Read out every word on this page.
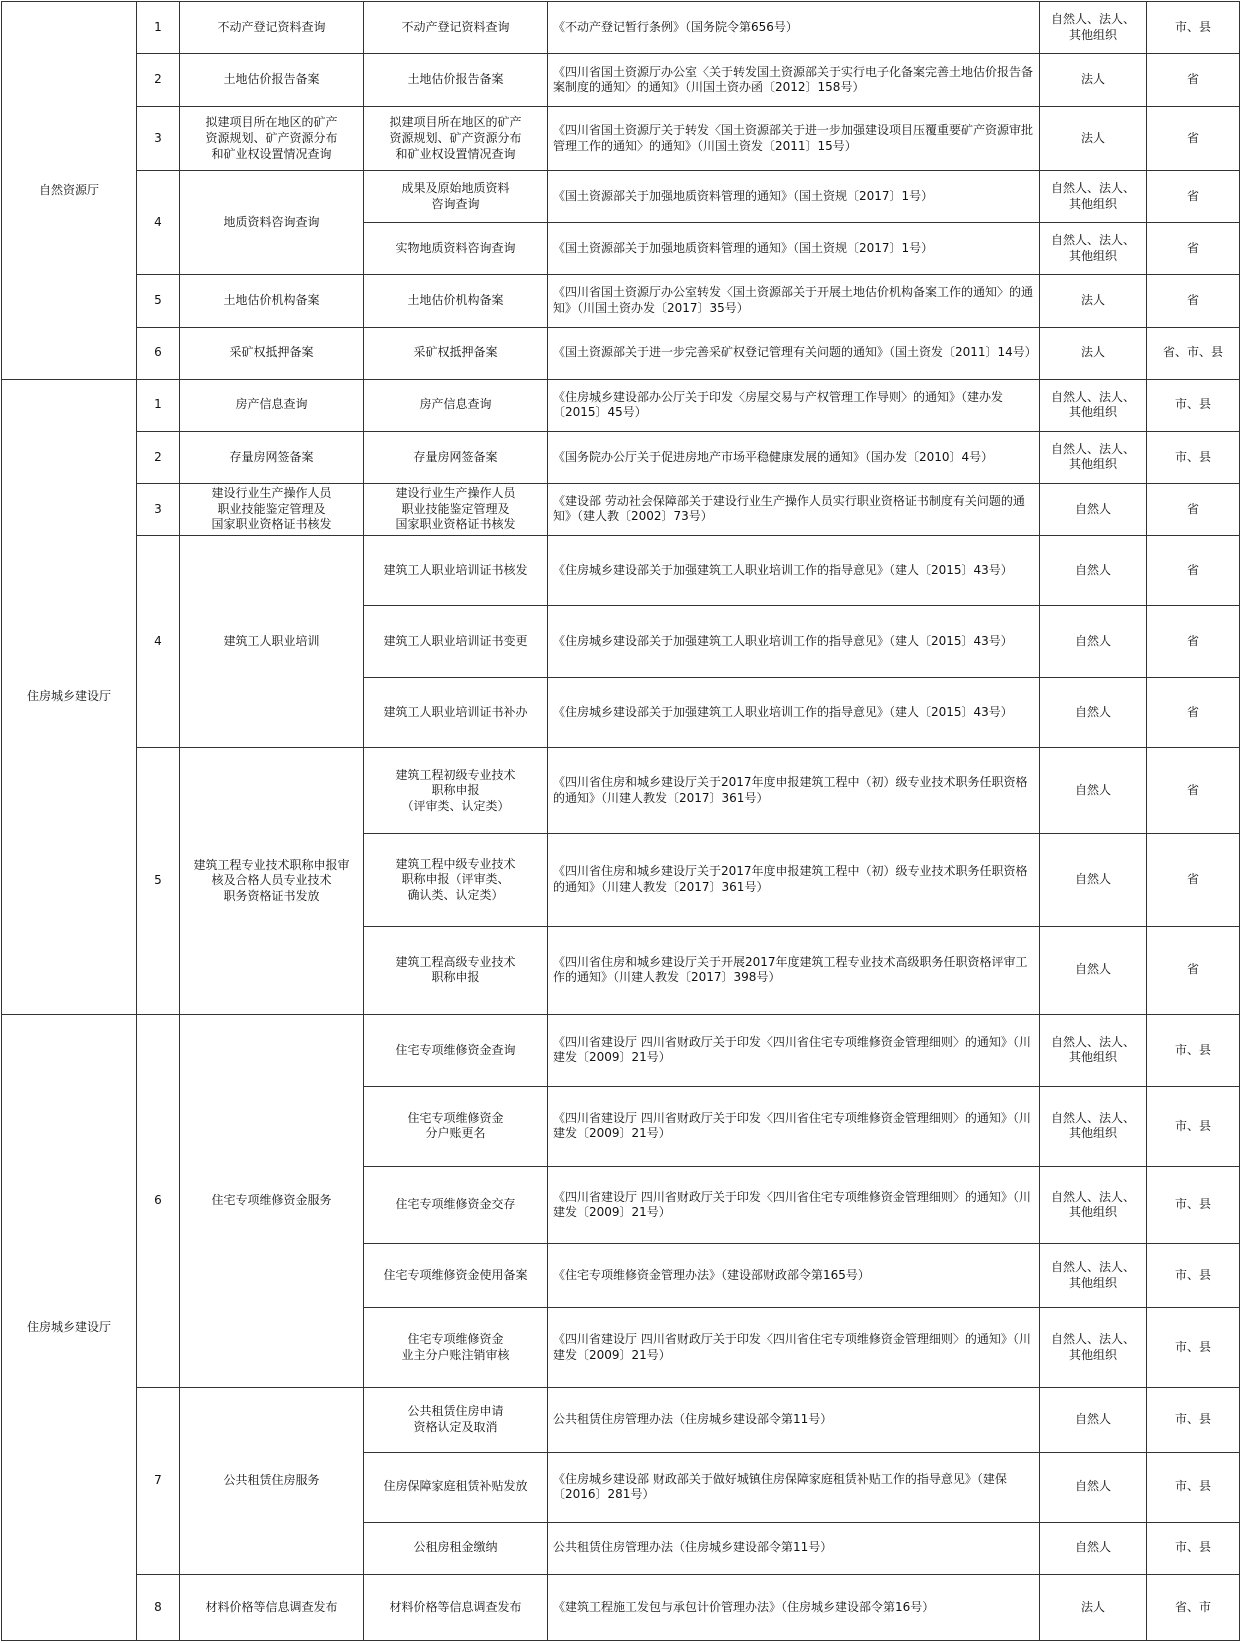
自然资源厅	1	不动产登记资料查询	不动产登记资料查询	《不动产登记暂行条例》（国务院令第656号）	自然人、法人、
其他组织	市、县
	2	土地估价报告备案	土地估价报告备案	《四川省国土资源厅办公室〈关于转发国土资源部关于实行电子化备案完善土地估价报告备案制度的通知〉的通知》（川国土资办函〔2012〕158号）	法人	省
	3	拟建项目所在地区的矿产
资源规划、矿产资源分布
和矿业权设置情况查询	拟建项目所在地区的矿产
资源规划、矿产资源分布
和矿业权设置情况查询	《四川省国土资源厅关于转发〈国土资源部关于进一步加强建设项目压覆重要矿产资源审批管理工作的通知〉的通知》（川国土资发〔2011〕15号）	法人	省
	4	地质资料咨询查询	成果及原始地质资料
咨询查询	《国土资源部关于加强地质资料管理的通知》（国土资规〔2017〕1号）	自然人、法人、
其他组织	省
			实物地质资料咨询查询	《国土资源部关于加强地质资料管理的通知》（国土资规〔2017〕1号）	自然人、法人、
其他组织	省
	5	土地估价机构备案	土地估价机构备案	《四川省国土资源厅办公室转发〈国土资源部关于开展土地估价机构备案工作的通知〉的通知》（川国土资办发〔2017〕35号）	法人	省
	6	采矿权抵押备案	采矿权抵押备案	《国土资源部关于进一步完善采矿权登记管理有关问题的通知》（国土资发〔2011〕14号）	法人	省、市、县
住房城乡建设厅	1	房产信息查询	房产信息查询	《住房城乡建设部办公厅关于印发〈房屋交易与产权管理工作导则〉的通知》（建办发〔2015〕45号）	自然人、法人、
其他组织	市、县
	2	存量房网签备案	存量房网签备案	《国务院办公厅关于促进房地产市场平稳健康发展的通知》（国办发〔2010〕4号）	自然人、法人、
其他组织	市、县
	3	建设行业生产操作人员
职业技能鉴定管理及
国家职业资格证书核发	建设行业生产操作人员
职业技能鉴定管理及
国家职业资格证书核发	《建设部 劳动社会保障部关于建设行业生产操作人员实行职业资格证书制度有关问题的通知》（建人教〔2002〕73号）	自然人	省
	4	建筑工人职业培训	建筑工人职业培训证书核发	《住房城乡建设部关于加强建筑工人职业培训工作的指导意见》（建人〔2015〕43号）	自然人	省
			建筑工人职业培训证书变更	《住房城乡建设部关于加强建筑工人职业培训工作的指导意见》（建人〔2015〕43号）	自然人	省
			建筑工人职业培训证书补办	《住房城乡建设部关于加强建筑工人职业培训工作的指导意见》（建人〔2015〕43号）	自然人	省
	5	建筑工程专业技术职称申报审
核及合格人员专业技术
职务资格证书发放	建筑工程初级专业技术
职称申报
（评审类、认定类）	《四川省住房和城乡建设厅关于2017年度申报建筑工程中（初）级专业技术职务任职资格的通知》（川建人教发〔2017〕361号）	自然人	省
			建筑工程中级专业技术
职称申报（评审类、
确认类、认定类）	《四川省住房和城乡建设厅关于2017年度申报建筑工程中（初）级专业技术职务任职资格的通知》（川建人教发〔2017〕361号）	自然人	省
			建筑工程高级专业技术
职称申报	《四川省住房和城乡建设厅关于开展2017年度建筑工程专业技术高级职务任职资格评审工作的通知》（川建人教发〔2017〕398号）	自然人	省
住房城乡建设厅	6	住宅专项维修资金服务	住宅专项维修资金查询	《四川省建设厅 四川省财政厅关于印发〈四川省住宅专项维修资金管理细则〉的通知》（川建发〔2009〕21号）	自然人、法人、
其他组织	市、县
			住宅专项维修资金
分户账更名	《四川省建设厅 四川省财政厅关于印发〈四川省住宅专项维修资金管理细则〉的通知》（川建发〔2009〕21号）	自然人、法人、
其他组织	市、县
			住宅专项维修资金交存	《四川省建设厅 四川省财政厅关于印发〈四川省住宅专项维修资金管理细则〉的通知》（川建发〔2009〕21号）	自然人、法人、
其他组织	市、县
			住宅专项维修资金使用备案	《住宅专项维修资金管理办法》（建设部财政部令第165号）	自然人、法人、
其他组织	市、县
			住宅专项维修资金
业主分户账注销审核	《四川省建设厅 四川省财政厅关于印发〈四川省住宅专项维修资金管理细则〉的通知》（川建发〔2009〕21号）	自然人、法人、
其他组织	市、县
	7	公共租赁住房服务	公共租赁住房申请
资格认定及取消	公共租赁住房管理办法（住房城乡建设部令第11号）	自然人	市、县
			住房保障家庭租赁补贴发放	《住房城乡建设部 财政部关于做好城镇住房保障家庭租赁补贴工作的指导意见》（建保〔2016〕281号）	自然人	市、县
			公租房租金缴纳	公共租赁住房管理办法（住房城乡建设部令第11号）	自然人	市、县
	8	材料价格等信息调查发布	材料价格等信息调查发布	《建筑工程施工发包与承包计价管理办法》（住房城乡建设部令第16号）	法人	省、市
